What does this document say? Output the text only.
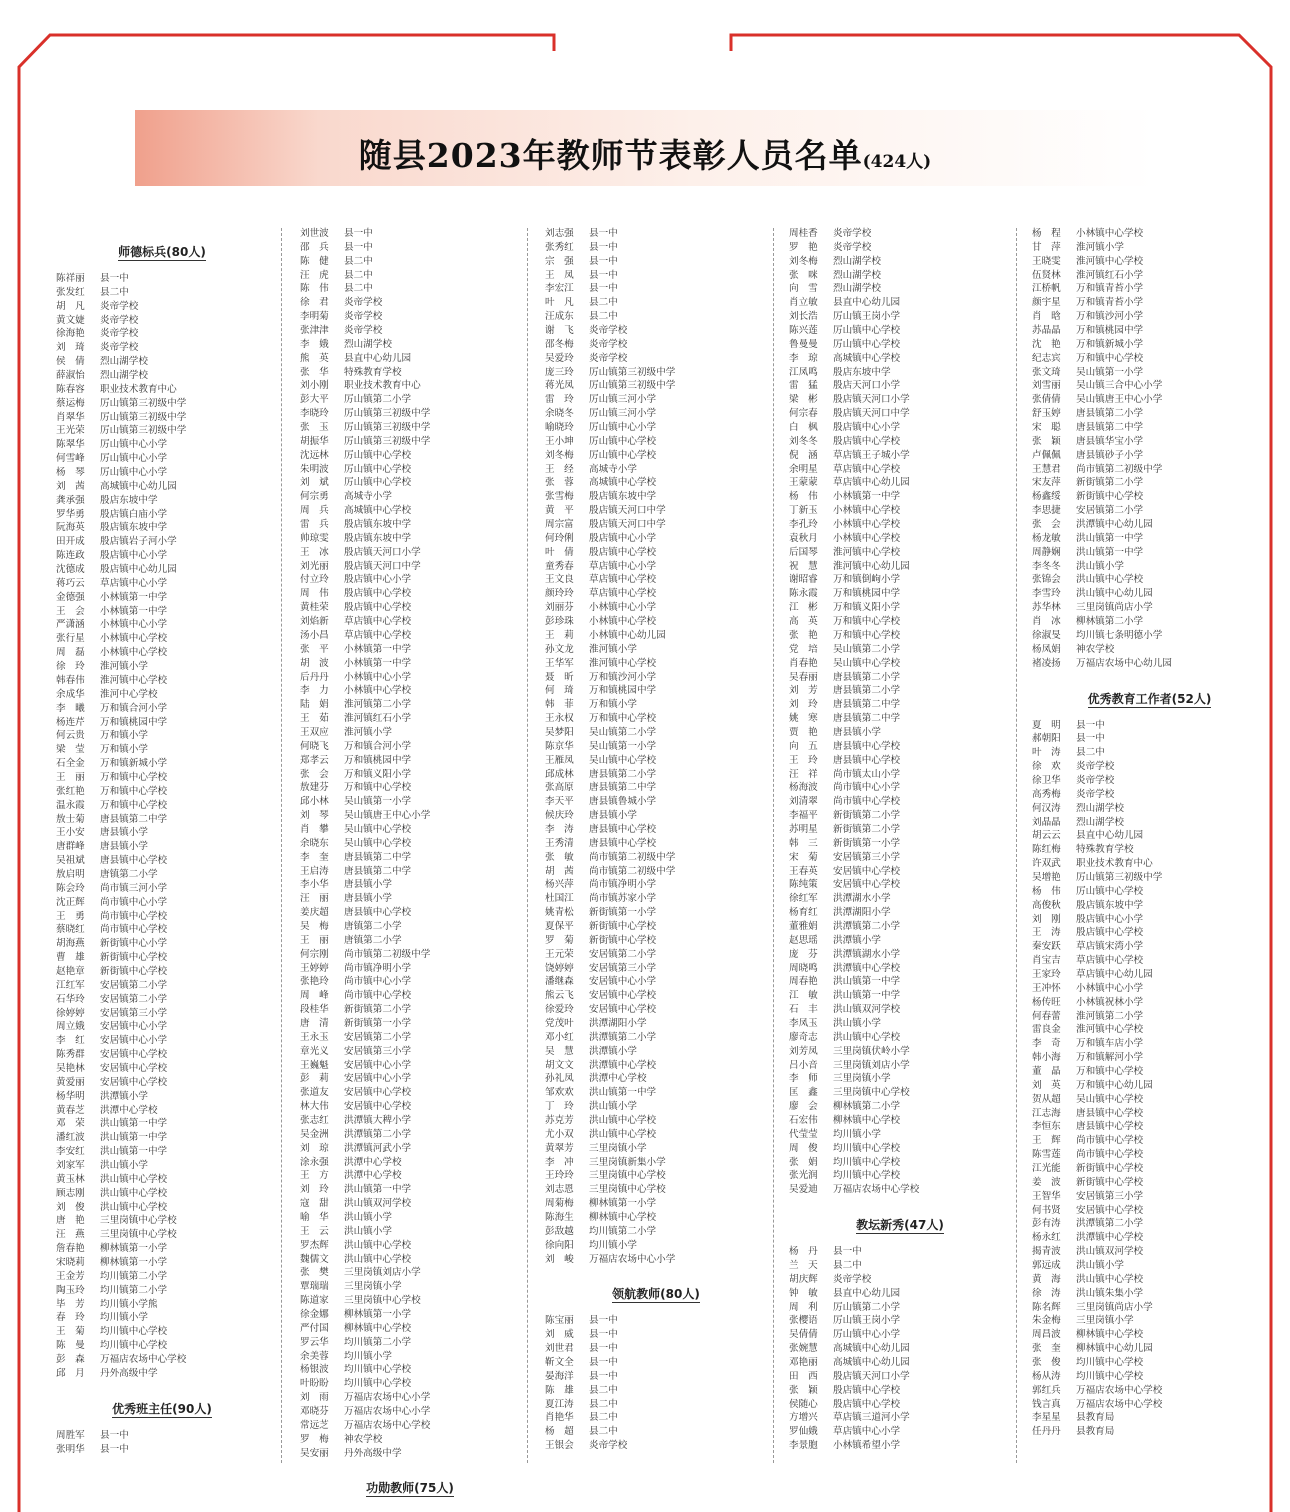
随县2023年教师节表彰人员名单(424人)
师德标兵(80人)
陈祥丽	县一中
张发红	县二中
胡　凡	炎帝学校
黄文婕	炎帝学校
徐海艳	炎帝学校
刘　琦	炎帝学校
侯　倩	烈山湖学校
薛淑怡	烈山湖学校
陈春容	职业技术教育中心
蔡运梅	厉山镇第三初级中学
肖翠华	厉山镇第三初级中学
王光荣	厉山镇第三初级中学
陈翠华	厉山镇中心小学
何雪峰	厉山镇中心小学
杨　琴	厉山镇中心小学
刘　茜	高城镇中心幼儿园
龚承强	殷店东坡中学
罗华勇	殷店镇白庙小学
阮海英	殷店镇东坡中学
田开成	殷店镇岩子河小学
陈连政	殷店镇中心小学
沈德成	殷店镇中心幼儿园
蒋巧云	草店镇中心小学
金德强	小林镇第一中学
王　会	小林镇第一中学
严潇涵	小林镇中心小学
张行星	小林镇中心学校
周　磊	小林镇中心学校
徐　玲	淮河镇小学
韩春伟	淮河镇中心学校
余成华	淮河中心学校
李　曦	万和镇合河小学
杨连芹	万和镇桃园中学
何云贵	万和镇小学
梁　莹	万和镇小学
石全金	万和镇新城小学
王　丽	万和镇中心学校
张红艳	万和镇中心学校
温永霞	万和镇中心学校
敖士菊	唐县镇第二中学
王小安	唐县镇小学
唐群峰	唐县镇小学
吴祖斌	唐县镇中心学校
敖启明	唐镇第二小学
陈会玲	尚市镇三河小学
沈正辉	尚市镇中心小学
王　勇	尚市镇中心学校
蔡晓红	尚市镇中心学校
胡海燕	新街镇中心小学
曹　雄	新街镇中心学校
赵艳章	新街镇中心学校
江红军	安居镇第二小学
石华玲	安居镇第二小学
徐婷婷	安居镇第三小学
周立娥	安居镇中心小学
李　红	安居镇中心小学
陈秀群	安居镇中心学校
吴艳林	安居镇中心学校
黄爱丽	安居镇中心学校
杨华明	洪潭镇小学
黄春芝	洪潭中心学校
邓　荣	洪山镇第一中学
潘红波	洪山镇第一中学
李安红	洪山镇第一中学
刘家军	洪山镇小学
黄玉林	洪山镇中心学校
顾志刚	洪山镇中心学校
刘　俊	洪山镇中心学校
唐　艳	三里岗镇中心学校
汪　燕	三里岗镇中心学校
詹春艳	柳林镇第一小学
宋晓莉	柳林镇第一小学
王金芳	均川镇第二小学
陶玉玲	均川镇第二小学
毕　芳	均川镇小学熊
春　玲	均川镇小学
王　菊	均川镇中心学校
陈　曼	均川镇中心学校
彭　森	万福店农场中心学校
邱　月	丹外高级中学
优秀班主任(90人)
周胜军	县一中
张明华	县一中
刘世波	县一中
邵　兵	县一中
陈　健	县二中
汪　虎	县二中
陈　伟	县二中
徐　君	炎帝学校
李明菊	炎帝学校
张津津	炎帝学校
李　娥	烈山湖学校
熊　英	县直中心幼儿园
张　华	特殊教育学校
刘小刚	职业技术教育中心
彭大平	厉山镇第二小学
李晓玲	厉山镇第三初级中学
张　玉	厉山镇第三初级中学
胡振华	厉山镇第三初级中学
沈远林	厉山镇中心学校
朱明波	厉山镇中心学校
刘　斌	厉山镇中心学校
何宗勇	高城寺小学
周　兵	高城镇中心学校
雷　兵	殷店镇东坡中学
帅琼雯	殷店镇东坡中学
王　冰	殷店镇天河口小学
刘光丽	殷店镇天河口中学
付立玲	殷店镇中心小学
周　伟	殷店镇中心学校
黄桂荣	殷店镇中心学校
刘焰新	草店镇中心学校
汤小昌	草店镇中心学校
张　平	小林镇第一中学
胡　波	小林镇第一中学
后丹丹	小林镇中心小学
李　力	小林镇中心学校
陆　娟	淮河镇第二小学
王　茹	淮河镇红石小学
王双应	淮河镇小学
何晓飞	万和镇合河小学
郑孝云	万和镇桃园中学
张　会	万和镇义阳小学
敖建芬	万和镇中心学校
邱小林	吴山镇第一小学
刘　琴	吴山镇唐王中心小学
肖　攀	吴山镇中心学校
余晓东	吴山镇中心学校
李　奎	唐县镇第二中学
王启涛	唐县镇第二中学
李小华	唐县镇小学
汪　丽	唐县镇小学
姜庆超	唐县镇中心学校
吴　梅	唐镇第二小学
王　丽	唐镇第二小学
何宗刚	尚市镇第二初级中学
王婷婷	尚市镇净明小学
张艳玲	尚市镇中心小学
周　峰	尚市镇中心学校
段桂华	新街镇第二小学
唐　清	新街镇第一小学
王永玉	安居镇第二小学
章光义	安居镇第三小学
王巍魁	安居镇中心小学
彭　莉	安居镇中心小学
张道友	安居镇中心学校
林大伟	安居镇中心学校
张志红	洪潭镇大稗小学
吴金洲	洪潭镇第二小学
刘　琼	洪潭镇河武小学
涂永强	洪潭中心学校
王　方	洪潭中心学校
刘　玲	洪山镇第一中学
寇　甜	洪山镇双河学校
喻　华	洪山镇小学
王　云	洪山镇小学
罗杰辉	洪山镇中心学校
魏儒文	洪山镇中心学校
张　樊	三里岗镇刘店小学
覃瑞瑞	三里岗镇小学
陈道家	三里岗镇中心学校
徐金娜	柳林镇第一小学
严付国	柳林镇中心学校
罗云华	均川镇第二小学
余美蓉	均川镇小学
杨银波	均川镇中心学校
叶盼盼	均川镇中心学校
刘　雨	万福店农场中心小学
邓晓芬	万福店农场中心小学
常远芝	万福店农场中心学校
罗　梅	神农学校
吴安丽	丹外高级中学
功勋教师(75人)
刘志强	县一中
张秀红	县一中
宗　强	县一中
王　凤	县一中
李宏江	县一中
叶　凡	县二中
汪成东	县二中
谢　飞	炎帝学校
邵冬梅	炎帝学校
吴爱玲	炎帝学校
庞三玲	厉山镇第三初级中学
蒋光凤	厉山镇第三初级中学
雷　玲	厉山镇三河小学
余晓冬	厉山镇三河小学
喻晓玲	厉山镇中心小学
王小坤	厉山镇中心学校
刘冬梅	厉山镇中心学校
王　经	高城寺小学
张　蓉	高城镇中心学校
张雪梅	殷店镇东坡中学
黄　平	殷店镇天河口中学
周宗富	殷店镇天河口中学
何玲俐	殷店镇中心小学
叶　倩	殷店镇中心学校
童秀春	草店镇中心小学
王文良	草店镇中心学校
颜玲玲	草店镇中心学校
刘丽芬	小林镇中心小学
彭珍珠	小林镇中心学校
王　莉	小林镇中心幼儿园
孙文龙	淮河镇小学
王华军	淮河镇中心学校
聂　昕	万和镇沙河小学
何　琦	万和镇桃园中学
韩　菲	万和镇小学
王永权	万和镇中心学校
吴梦阳	吴山镇第二小学
陈京华	吴山镇第一小学
王雁凤	吴山镇中心学校
邱成林	唐县镇第二小学
张高原	唐县镇第二中学
李天平	唐县镇鲁城小学
候庆玲	唐县镇小学
李　涛	唐县镇中心学校
王秀清	唐县镇中心学校
张　敏	尚市镇第二初级中学
胡　茜	尚市镇第二初级中学
杨兴萍	尚市镇净明小学
杜国江	尚市镇苏家小学
姚青松	新街镇第一小学
夏保平	新街镇中心学校
罗　菊	新街镇中心学校
王元荣	安居镇第二小学
饶婷婷	安居镇第三小学
潘继森	安居镇中心小学
熊云飞	安居镇中心学校
徐爱玲	安居镇中心学校
党茂叶	洪潭湖阳小学
邓小红	洪潭镇第二小学
吴　慧	洪潭镇小学
胡文文	洪潭镇中心学校
孙礼凤	洪潭中心学校
邹欢欢	洪山镇第一中学
丁　玲	洪山镇小学
苏克芳	洪山镇中心学校
尤小双	洪山镇中心学校
黄翠芳	三里岗镇小学
李　冲	三里岗镇新集小学
王玲玲	三里岗镇中心学校
刘志恩	三里岗镇中心学校
周菊梅	柳林镇第一小学
陈海生	柳林镇中心学校
彭敌越	均川镇第二小学
徐向阳	均川镇小学
刘　峻	万福店农场中心小学
领航教师(80人)
陈宝丽	县一中
刘　威	县一中
刘世君	县一中
靳文全	县一中
晏海洋	县一中
陈　雄	县二中
夏江涛	县二中
肖艳华	县二中
杨　超	县二中
王银会	炎帝学校
周桂香	炎帝学校
罗　艳	炎帝学校
刘冬梅	烈山湖学校
张　咪	烈山湖学校
向　雪	烈山湖学校
肖立敏	县直中心幼儿园
刘长浩	厉山镇王岗小学
陈兴莲	厉山镇中心学校
鲁曼曼	厉山镇中心学校
李　琼	高城镇中心学校
江凤鸣	殷店东坡中学
雷　猛	殷店天河口小学
梁　彬	殷店镇天河口小学
何宗春	殷店镇天河口中学
白　枫	殷店镇中心小学
刘冬冬	殷店镇中心学校
倪　涵	草店镇王子城小学
余明星	草店镇中心学校
王蒙蒙	草店镇中心幼儿园
杨　伟	小林镇第一中学
丁新玉	小林镇中心学校
李孔玲	小林镇中心学校
袁秋月	小林镇中心学校
后国琴	淮河镇中心学校
祝　慧	淮河镇中心幼儿园
谢昭睿	万和镇倒岣小学
陈永霞	万和镇桃园中学
江　彬	万和镇义阳小学
高　英	万和镇中心学校
张　艳	万和镇中心学校
党　培	吴山镇第二小学
肖春艳	吴山镇中心学校
吴春丽	唐县镇第二小学
刘　芳	唐县镇第二小学
刘　玲	唐县镇第二中学
姚　寒	唐县镇第二中学
贾　艳	唐县镇小学
向　五	唐县镇中心学校
王　玲	唐县镇中心学校
汪　祥	尚市镇太山小学
杨海波	尚市镇中心小学
刘清翠	尚市镇中心学校
李福平	新街镇第二小学
苏明星	新街镇第二小学
韩　三	新街镇第一小学
宋　菊	安居镇第三小学
王春英	安居镇中心学校
陈纯策	安居镇中心学校
徐红军	洪潭湖水小学
杨育红	洪潭湖阳小学
董雅娟	洪潭镇第二小学
赵思瑶	洪潭镇小学
庞　芬	洪潭镇湖水小学
周晓鸣	洪潭镇中心学校
周春艳	洪山镇第一中学
江　敏	洪山镇第一中学
石　丰	洪山镇双河学校
李凤玉	洪山镇小学
廖奇志	洪山镇中心学校
刘芳凤	三里岗镇伏岭小学
吕小音	三里岗镇刘店小学
李　师	三里岗镇小学
匡　鑫	三里岗镇中心学校
廖　会	柳林镇第二小学
石宏伟	柳林镇中心学校
代莹莹	均川镇小学
周　俊	均川镇中心学校
张　娟	均川镇中心学校
张光润	均川镇中心学校
吴爱迪	万福店农场中心学校
教坛新秀(47人)
杨　丹	县一中
兰　天	县二中
胡庆辉	炎帝学校
钟　敏	县直中心幼儿园
周　利	厉山镇第二小学
张樱语	厉山镇王岗小学
吴倩倩	厉山镇中心小学
张婉慧	高城镇中心幼儿园
邓艳丽	高城镇中心幼儿园
田　西	殷店镇天河口小学
张　颖	殷店镇中心学校
侯随心	殷店镇中心学校
方增兴	草店镇三道河小学
罗仙娥	草店镇中心小学
李景胞	小林镇希望小学
杨　程	小林镇中心学校
甘　萍	淮河镇小学
王晓雯	淮河镇中心学校
伍贤林	淮河镇红石小学
江桥帆	万和镇青苔小学
颜宇星	万和镇青苔小学
肖　晗	万和镇沙河小学
苏晶晶	万和镇桃园中学
沈　艳	万和镇新城小学
纪志宾	万和镇中心学校
张文琦	吴山镇第一小学
刘雪丽	吴山镇三合中心小学
张倩倩	吴山镇唐王中心小学
舒玉婷	唐县镇第二小学
宋　聪	唐县镇第二中学
张　颖	唐县镇华宝小学
卢佩佩	唐县镇砂子小学
王慧君	尚市镇第二初级中学
宋友萍	新街镇第二小学
杨鑫绥	新街镇中心学校
李思捷	安居镇第二小学
张　会	洪潭镇中心幼儿园
杨龙敏	洪山镇第一中学
周静娴	洪山镇第一中学
李冬冬	洪山镇小学
张锦会	洪山镇中心学校
李雪玲	洪山镇中心幼儿园
苏华林	三里岗镇尚店小学
肖　冰	柳林镇第二小学
徐淑旻	均川镇七条明德小学
杨凤娟	神农学校
褚凌扬	万福店农场中心幼儿园
优秀教育工作者(52人)
夏　明	县一中
郝朝阳	县一中
叶　涛	县二中
徐　欢	炎帝学校
徐卫华	炎帝学校
高秀梅	炎帝学校
何汉涛	烈山湖学校
刘晶晶	烈山湖学校
胡云云	县直中心幼儿园
陈红梅	特殊教育学校
许双武	职业技术教育中心
吴增艳	厉山镇第三初级中学
杨　伟	厉山镇中心学校
高俊秋	殷店镇东坡中学
刘　刚	殷店镇中心小学
王　涛	殷店镇中心学校
秦安跃	草店镇宋湾小学
肖宝吉	草店镇中心学校
王家玲	草店镇中心幼儿园
王冲怀	小林镇中心小学
杨传旺	小林镇祝林小学
何春蕾	淮河镇第二小学
雷良金	淮河镇中心学校
李　奇	万和镇车店小学
韩小海	万和镇解河小学
董　晶	万和镇中心学校
刘　英	万和镇中心幼儿园
贺从超	吴山镇中心学校
江志海	唐县镇中心学校
李恒东	唐县镇中心学校
王　辉	尚市镇中心学校
陈雪莲	尚市镇中心学校
江光能	新街镇中心学校
姜　波	新街镇中心学校
王智华	安居镇第三小学
何书贤	安居镇中心学校
彭有涛	洪潭镇第二小学
杨永红	洪潭镇中心学校
揭青波	洪山镇双河学校
郭远成	洪山镇小学
黄　海	洪山镇中心学校
徐　涛	洪山镇朱集小学
陈名辉	三里岗镇尚店小学
朱金梅	三里岗镇小学
周昌波	柳林镇中心学校
张　奎	柳林镇中心幼儿园
张　俊	均川镇中心学校
杨从涛	均川镇中心学校
郭红兵	万福店农场中心学校
钱言真	万福店农场中心学校
李星星	县教育局
任丹丹	县教育局
